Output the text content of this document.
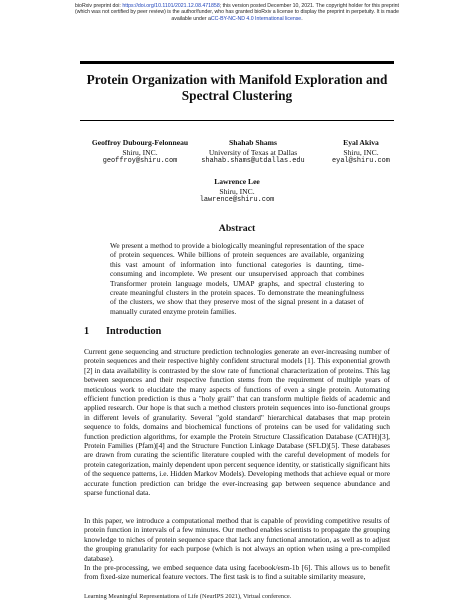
bioRxiv preprint doi: https://doi.org/10.1101/2021.12.08.471858; this version posted December 10, 2021. The copyright holder for this preprint
(which was not certified by peer review) is the author/funder, who has granted bioRxiv a license to display the preprint in perpetuity. It is made
available under aCC-BY-NC-ND 4.0 International license.
Protein Organization with Manifold Exploration and
Spectral Clustering
Geoffroy Dubourg-Felonneau
Shiru, INC.
geoffroy@shiru.com
Shahab Shams
University of Texas at Dallas
shahab.shams@utdallas.edu
Eyal Akiva
Shiru, INC.
eyal@shiru.com
Lawrence Lee
Shiru, INC.
lawrence@shiru.com
Abstract
We present a method to provide a biologically meaningful representation of the space of protein sequences. While billions of protein sequences are available, organizing this vast amount of information into functional categories is daunting, time-consuming and incomplete. We present our unsupervised approach that combines Transformer protein language models, UMAP graphs, and spectral clustering to create meaningful clusters in the protein spaces. To demonstrate the meaningfulness of the clusters, we show that they preserve most of the signal present in a dataset of manually curated enzyme protein families.
1 Introduction
Current gene sequencing and structure prediction technologies generate an ever-increasing number of protein sequences and their respective highly confident structural models [1]. This exponential growth [2] in data availability is contrasted by the slow rate of functional characterization of proteins. This lag between sequences and their respective function stems from the requirement of multiple years of meticulous work to elucidate the many aspects of functions of even a single protein. Automating efficient function prediction is thus a "holy grail" that can transform multiple fields of academic and applied research. Our hope is that such a method clusters protein sequences into iso-functional groups in different levels of granularity. Several "gold standard" hierarchical databases that map protein sequence to folds, domains and biochemical functions of proteins can be used for validating such function prediction algorithms, for example the Protein Structure Classification Database (CATH)[3], Protein Families (Pfam)[4] and the Structure Function Linkage Database (SFLD)[5]. These databases are drawn from curating the scientific literature coupled with the careful development of models for protein categorization, mainly dependent upon percent sequence identity, or statistically significant hits of the sequence patterns, i.e. Hidden Markov Models). Developing methods that achieve equal or more accurate function prediction can bridge the ever-increasing gap between sequence abundance and sparse functional data.
In this paper, we introduce a computational method that is capable of providing competitive results of protein function in intervals of a few minutes. Our method enables scientists to propagate the grouping knowledge to niches of protein sequence space that lack any functional annotation, as well as to adjust the grouping granularity for each purpose (which is not always an option when using a pre-compiled database).
In the pre-processing, we embed sequence data using facebook/esm-1b [6]. This allows us to benefit from fixed-size numerical feature vectors. The first task is to find a suitable similarity measure,
Learning Meaningful Representations of Life (NeurIPS 2021), Virtual conference.
